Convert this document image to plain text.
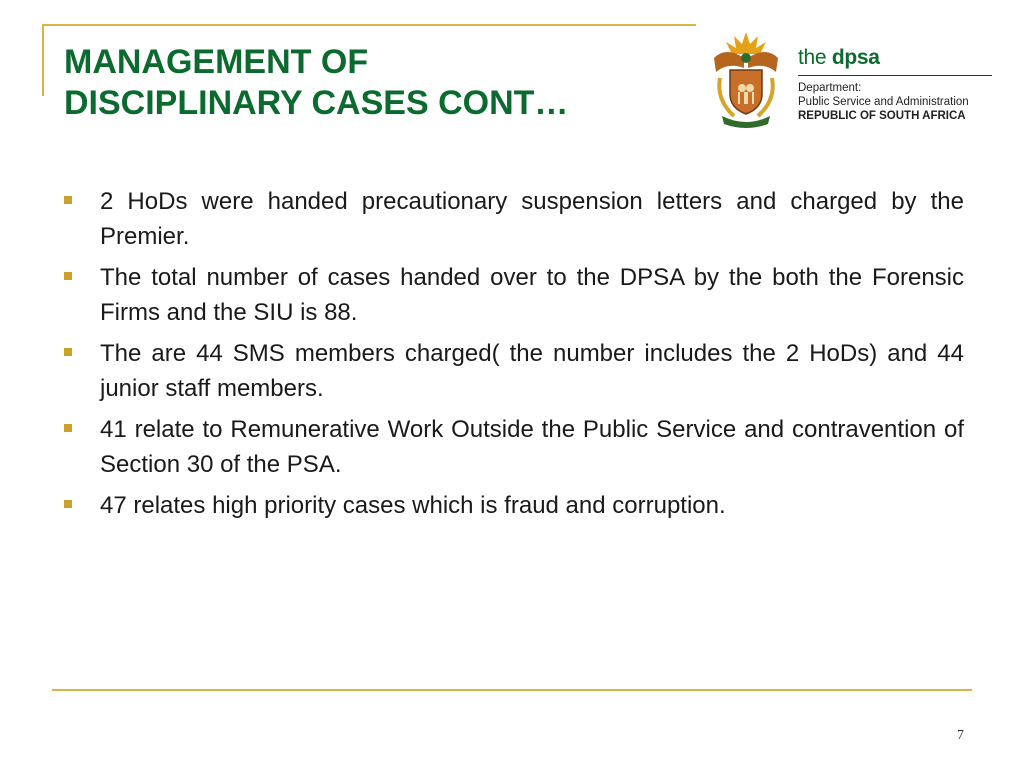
MANAGEMENT OF
DISCIPLINARY CASES CONT…
the dpsa
Department:
Public Service and Administration
REPUBLIC OF SOUTH AFRICA
2 HoDs were handed precautionary suspension letters and charged by the Premier.
The total number of cases handed over to the DPSA by the both the Forensic Firms and the SIU is 88.
The are 44 SMS members charged( the number includes the 2 HoDs) and 44 junior staff members.
41 relate to Remunerative Work Outside the Public Service and contravention of Section 30 of the PSA.
47 relates high priority cases which is fraud and corruption.
7
